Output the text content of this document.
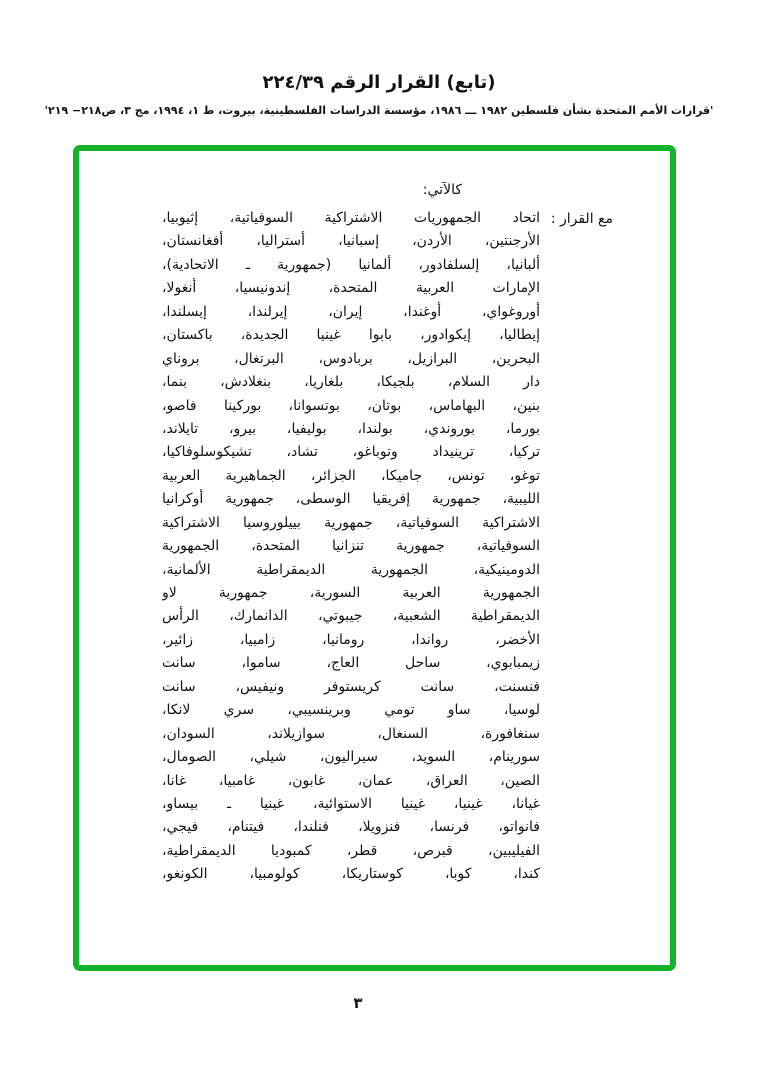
(تابع) القرار الرقم ٢٢٤/٣٩
'قرارات الأمم المتحدة بشأن فلسطين ١٩٨٢ ـــ ١٩٨٦، مؤسسة الدراسات الفلسطينية، بيروت، ط ١، ١٩٩٤، مج ٣، ص٢١٨− ٢١٩'
كالآتي:
مع القرار :
اتحاد الجمهوريات الاشتراكية السوفياتية، إثيوبيا،
الأرجنتين، الأردن، إسبانيا، أستراليا، أفغانستان،
ألبانيا، إلسلفادور، ألمانيا (جمهورية ـ الاتحادية)،
الإمارات العربية المتحدة، إندونيسيا، أنغولا،
أوروغواي، أوغندا، إيران، إيرلندا، إيسلندا،
إيطاليا، إيكوادور، بابوا غينيا الجديدة، باكستان،
البحرين، البرازيل، بربادوس، البرتغال، بروناي
دار السلام، بلجيكا، بلغاريا، بنغلادش، بنما،
بنين، البهاماس، بوتان، بوتسوانا، بوركينا فاصو،
بورما، بوروندي، بولندا، بوليفيا، بيرو، تايلاند،
تركيا، ترينيداد وتوباغو، تشاد، تشيكوسلوفاكيا،
توغو، تونس، جاميكا، الجزائر، الجماهيرية العربية
الليبية، جمهورية إفريقيا الوسطى، جمهورية أوكرانيا
الاشتراكية السوفياتية، جمهورية بييلوروسيا الاشتراكية
السوفياتية، جمهورية تنزانيا المتحدة، الجمهورية
الدومينيكية، الجمهورية الديمقراطية الألمانية،
الجمهورية العربية السورية، جمهورية لاو
الديمقراطية الشعبية، جيبوتي، الدانمارك، الرأس
الأخضر، رواندا، رومانيا، زامبيا، زائير،
زيمبابوي، ساحل العاج، ساموا، سانت
فنسنت، سانت كريستوفر ونيفيس، سانت
لوسيا، ساو تومي وبرينسيبي، سري لانكا،
سنغافورة، السنغال، سوازيلاند، السودان،
سورينام، السويد، سيراليون، شيلي، الصومال،
الصين، العراق، عمان، غابون، غامبيا، غانا،
غيانا، غينيا، غينيا الاستوائية، غينيا ـ بيساو،
فانواتو، فرنسا، فنزويلا، فنلندا، فيتنام، فيجي،
الفيليبين، قبرص، قطر، كمبوديا الديمقراطية،
كندا، كوبا، كوستاريكا، كولومبيا، الكونغو،
٣
